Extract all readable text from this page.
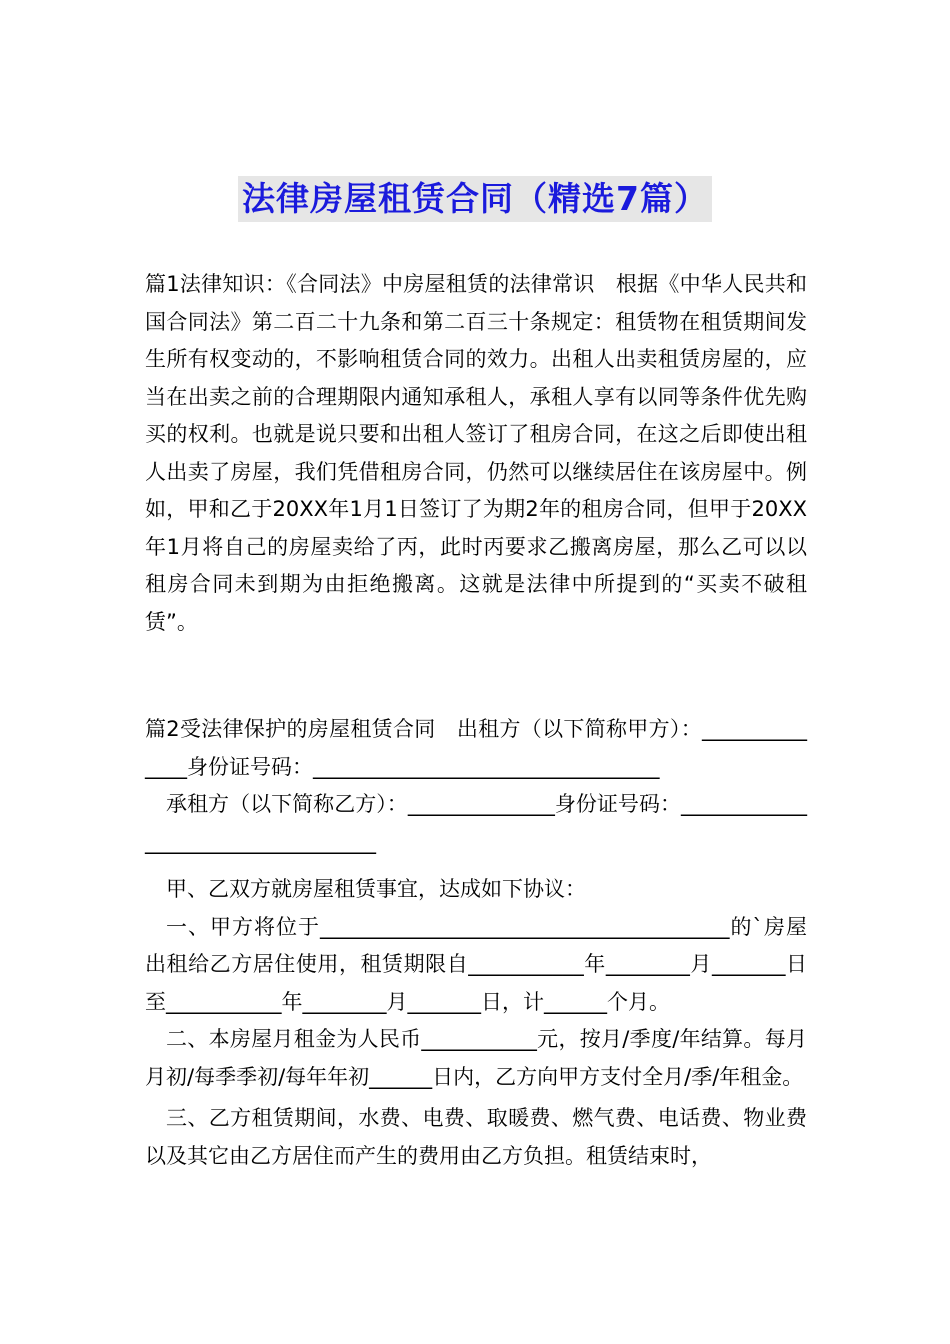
法律房屋租赁合同（精选7篇）

篇1法律知识：《合同法》中房屋租赁的法律常识　根据《中华人民共和国合同法》第二百二十九条和第二百三十条规定：租赁物在租赁期间发生所有权变动的，不影响租赁合同的效力。出租人出卖租赁房屋的，应当在出卖之前的合理期限内通知承租人，承租人享有以同等条件优先购买的权利。也就是说只要和出租人签订了租房合同，在这之后即使出租人出卖了房屋，我们凭借租房合同，仍然可以继续居住在该房屋中。例如，甲和乙于20XX年1月1日签订了为期2年的租房合同，但甲于20XX年1月将自己的房屋卖给了丙，此时丙要求乙搬离房屋，那么乙可以以租房合同未到期为由拒绝搬离。这就是法律中所提到的“买卖不破租赁”。

篇2受法律保护的房屋租赁合同　出租方（以下简称甲方）：______________身份证号码：_________________________________

承租方（以下简称乙方）：______________身份证号码：__________________________________

甲、乙双方就房屋租赁事宜，达成如下协议：

一、甲方将位于_______________________________________的`房屋出租给乙方居住使用，租赁期限自___________年________月_______日至___________年________月_______日，计______个月。

二、本房屋月租金为人民币___________元，按月/季度/年结算。每月月初/每季季初/每年年初______日内，乙方向甲方支付全月/季/年租金。

三、乙方租赁期间，水费、电费、取暖费、燃气费、电话费、物业费以及其它由乙方居住而产生的费用由乙方负担。租赁结束时，
